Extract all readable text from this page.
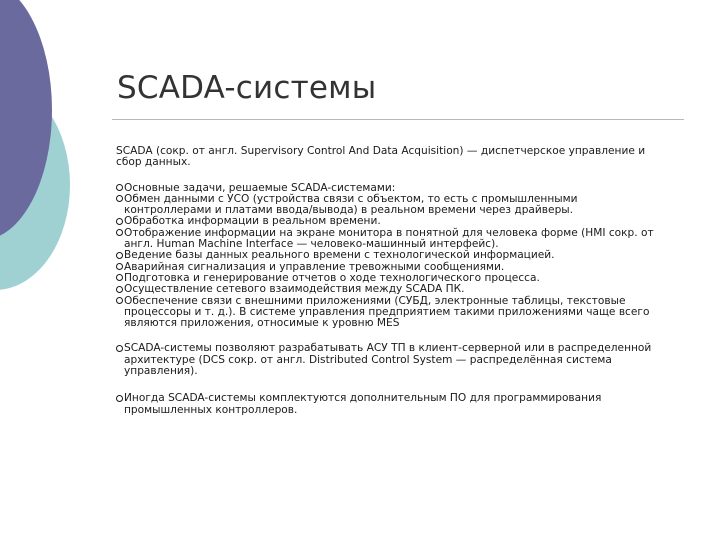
SCADA-системы

SCADA (сокр. от англ. Supervisory Control And Data Acquisition) — диспетчерское управление и сбор данных.

Основные задачи, решаемые SCADA-системами:
Обмен данными с УСО (устройства связи с объектом, то есть с промышленными контроллерами и платами ввода/вывода) в реальном времени через драйверы.
Обработка информации в реальном времени.
Отображение информации на экране монитора в понятной для человека форме (HMI сокр. от англ. Human Machine Interface — человеко-машинный интерфейс).
Ведение базы данных реального времени с технологической информацией.
Аварийная сигнализация и управление тревожными сообщениями.
Подготовка и генерирование отчетов о ходе технологического процесса.
Осуществление сетевого взаимодействия между SCADA ПК.
Обеспечение связи с внешними приложениями (СУБД, электронные таблицы, текстовые процессоры и т. д.). В системе управления предприятием такими приложениями чаще всего являются приложения, относимые к уровню MES
SCADA-системы позволяют разрабатывать АСУ ТП в клиент-серверной или в распределенной архитектуре (DCS сокр. от англ. Distributed Control System — распределённая система управления).
Иногда SCADA-системы комплектуются дополнительным ПО для программирования промышленных контроллеров.
